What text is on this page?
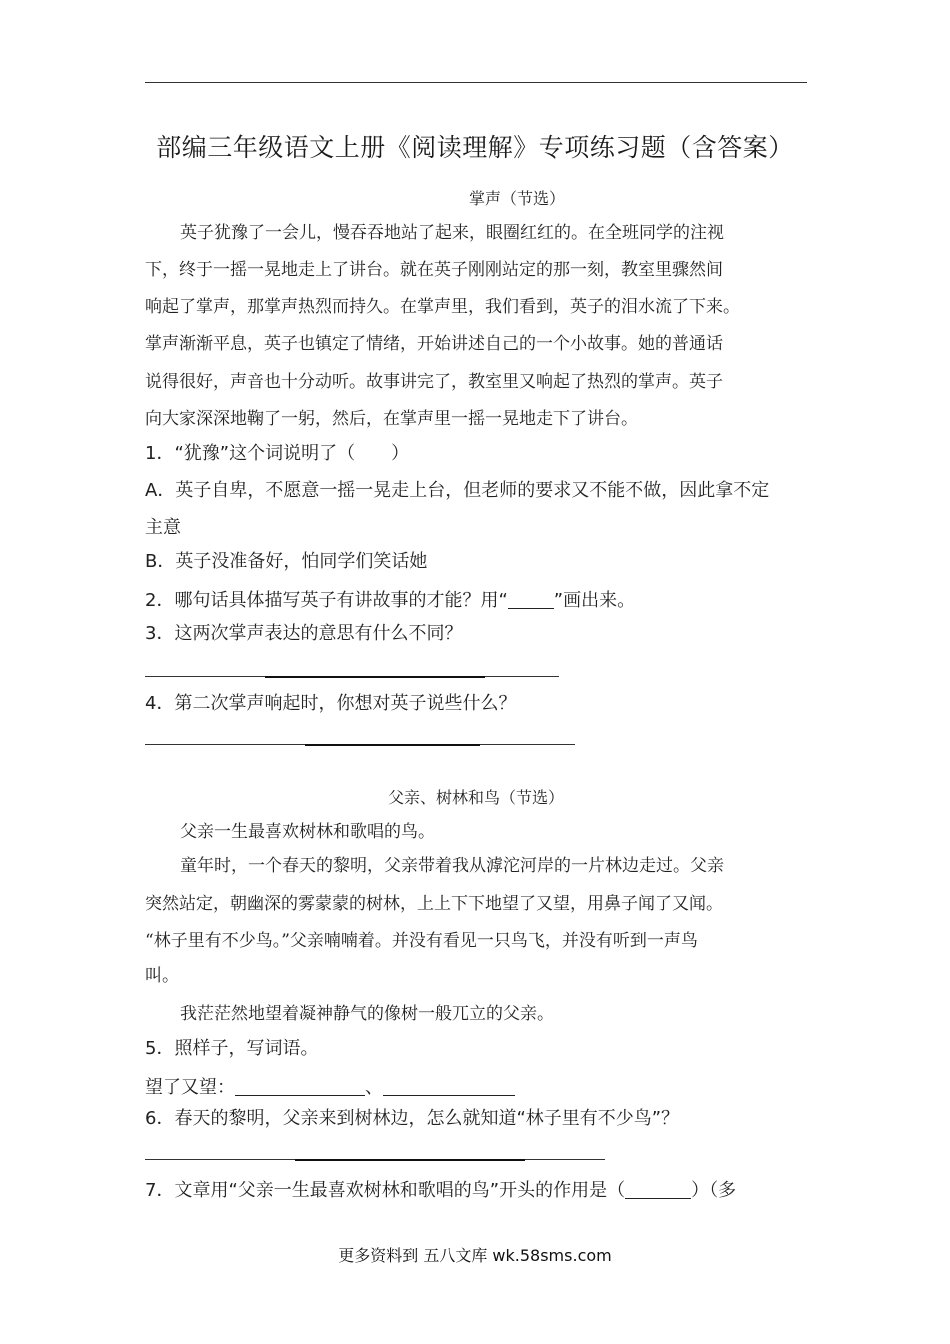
部编三年级语文上册《阅读理解》专项练习题（含答案）
掌声（节选）
英子犹豫了一会儿，慢吞吞地站了起来，眼圈红红的。在全班同学的注视
下，终于一摇一晃地走上了讲台。就在英子刚刚站定的那一刻，教室里骤然间
响起了掌声，那掌声热烈而持久。在掌声里，我们看到，英子的泪水流了下来。
掌声渐渐平息，英子也镇定了情绪，开始讲述自己的一个小故事。她的普通话
说得很好，声音也十分动听。故事讲完了，教室里又响起了热烈的掌声。英子
向大家深深地鞠了一躬，然后，在掌声里一摇一晃地走下了讲台。
1．“犹豫”这个词说明了（　　）
A．英子自卑，不愿意一摇一晃走上台，但老师的要求又不能不做，因此拿不定
主意
B．英子没准备好，怕同学们笑话她
2．哪句话具体描写英子有讲故事的才能？用“	”画出来。
3．这两次掌声表达的意思有什么不同？
4．第二次掌声响起时，你想对英子说些什么？
父亲、树林和鸟（节选）
父亲一生最喜欢树林和歌唱的鸟。
童年时，一个春天的黎明，父亲带着我从滹沱河岸的一片林边走过。父亲
突然站定，朝幽深的雾蒙蒙的树林，上上下下地望了又望，用鼻子闻了又闻。
“林子里有不少鸟。”父亲喃喃着。并没有看见一只鸟飞，并没有听到一声鸟
叫。
我茫茫然地望着凝神静气的像树一般兀立的父亲。
5．照样子，写词语。
望了又望：	、
6．春天的黎明，父亲来到树林边，怎么就知道“林子里有不少鸟”？
7．文章用“父亲一生最喜欢树林和歌唱的鸟”开头的作用是（	）（多
更多资料到 五八文库 wk.58sms.com
